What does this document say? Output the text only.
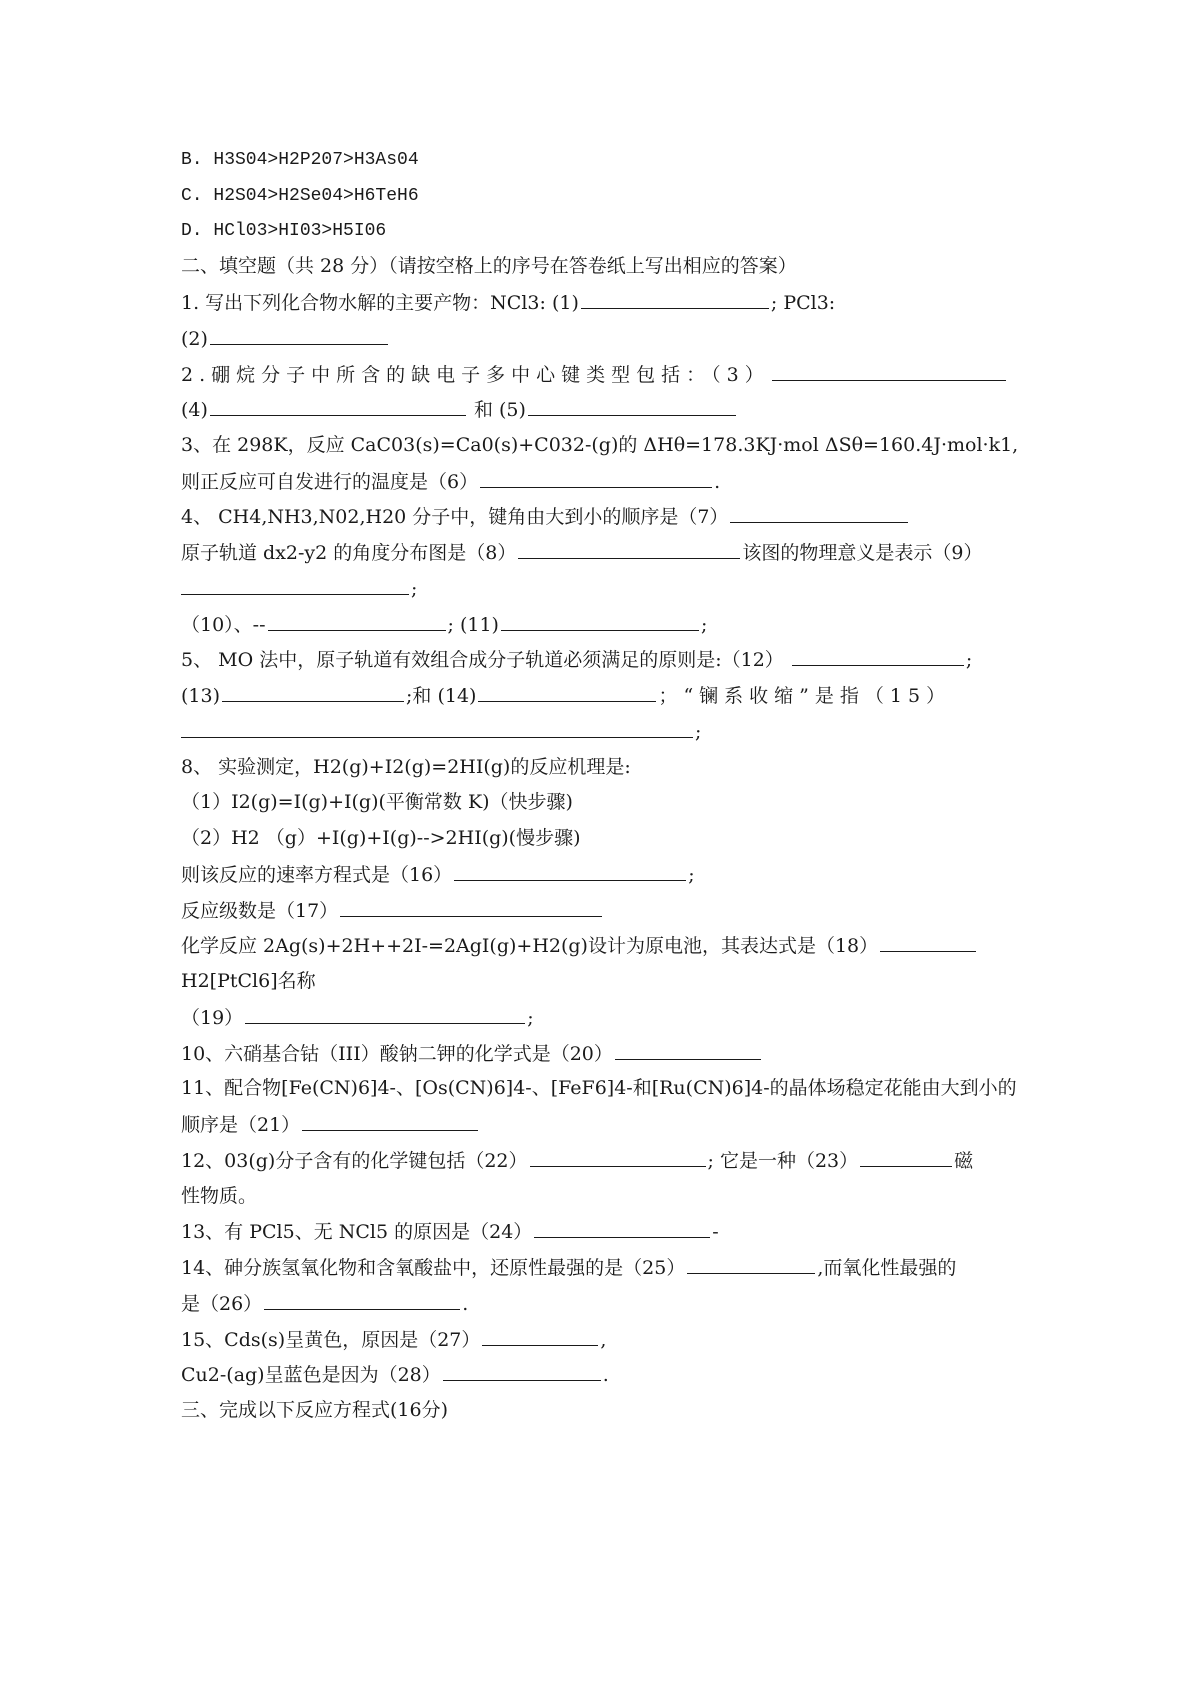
B. H3S04>H2P207>H3As04
C. H2S04>H2Se04>H6TeH6
D. HCl03>HI03>H5I06
二、填空题（共 28 分）（请按空格上的序号在答卷纸上写出相应的答案）
1. 写出下列化合物水解的主要产物：NCl3: (1)	; PCl3:
(2)
2.硼烷分子中所含的缺电子多中心键类型包括：（3）
(4)	和 (5)
3、在 298K，反应 CaC03(s)=Ca0(s)+C032-(g)的 ΔHθ=178.3KJ·mol ΔSθ=160.4J·mol·k1,
则正反应可自发进行的温度是（6）	.
4、 CH4,NH3,N02,H20 分子中，键角由大到小的顺序是（7）
原子轨道 dx2-y2 的角度分布图是（8）	该图的物理意义是表示（9）
;
（10）、--	; (11)	;
5、 MO 法中，原子轨道有效组合成分子轨道必须满足的原则是:（12）	;
(13)	;和 (14)	；“镧系收缩”是指（15）
;
8、 实验测定，H2(g)+I2(g)=2HI(g)的反应机理是:
（1）I2(g)=I(g)+I(g)(平衡常数 K)（快步骤)
（2）H2 （g）+I(g)+I(g)-->2HI(g)(慢步骤)
则该反应的速率方程式是（16）	;
反应级数是（17）
化学反应 2Ag(s)+2H++2I-=2AgI(g)+H2(g)设计为原电池，其表达式是（18）
H2[PtCl6]名称
（19）	;
10、六硝基合钴（III）酸钠二钾的化学式是（20）
11、配合物[Fe(CN)6]4-、[Os(CN)6]4-、[FeF6]4-和[Ru(CN)6]4-的晶体场稳定花能由大到小的
顺序是（21）
12、03(g)分子含有的化学键包括（22）	; 它是一种（23）	磁
性物质。
13、有 PCl5、无 NCl5 的原因是（24）	-
14、砷分族氢氧化物和含氧酸盐中，还原性最强的是（25）	,而氧化性最强的
是（26）	.
15、Cds(s)呈黄色，原因是（27）	,
Cu2-(ag)呈蓝色是因为（28）	.
三、完成以下反应方程式(16分)
